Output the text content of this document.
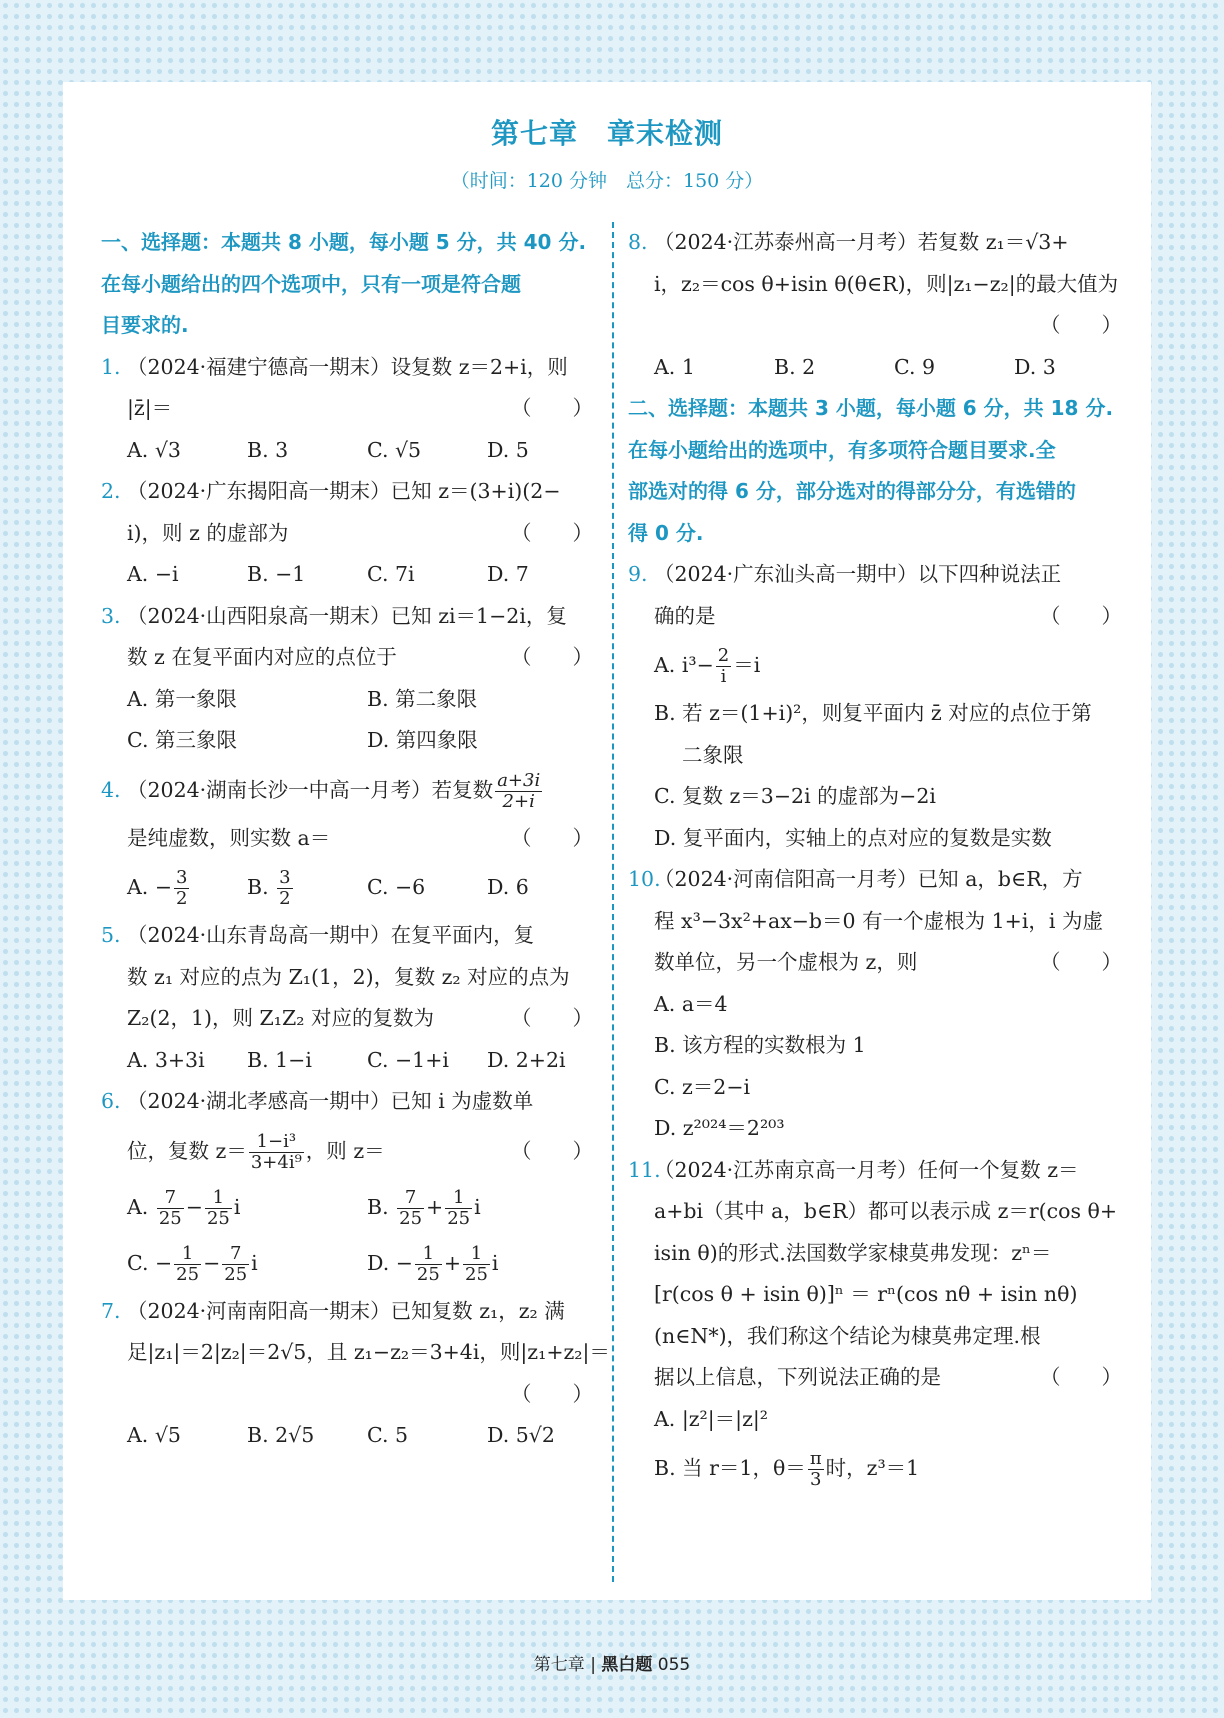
第七章　章末检测
（时间：120 分钟　总分：150 分）
一、选择题：本题共 8 小题，每小题 5 分，共 40 分.
在每小题给出的四个选项中，只有一项是符合题
目要求的.
1. （2024·福建宁德高一期末）设复数 z＝2+i，则
|z̄|＝	（　　）
A. √3	B. 3	C. √5	D. 5
2. （2024·广东揭阳高一期末）已知 z＝(3+i)(2−
i)，则 z 的虚部为	（　　）
A. −i	B. −1	C. 7i	D. 7
3. （2024·山西阳泉高一期末）已知 zi＝1−2i，复
数 z 在复平面内对应的点位于	（　　）
A. 第一象限	B. 第二象限
C. 第三象限	D. 第四象限
4. （2024·湖南长沙一中高一月考）若复数 $\frac{a+3i}{2+i}$
是纯虚数，则实数 a＝	（　　）
A. − $\frac{3}{2}$	B. $\frac{3}{2}$	C. −6	D. 6
5. （2024·山东青岛高一期中）在复平面内，复
数 z₁ 对应的点为 Z₁(1，2)，复数 z₂ 对应的点为
Z₂(2，1)，则 Z₁Z₂ 对应的复数为	（　　）
A. 3+3i B. 1−i	C. −1+i D. 2+2i
6. （2024·湖北孝感高一期中）已知 i 为虚数单
位，复数 $z= \frac{\text{1−i³}}{\text{3+4i⁹}}$ ，则 z＝	（　　）
A. $\frac{7}{25} - \frac{1}{25}$ i	B. $\frac{7}{25} + \frac{1}{25}$ i
C. − $\frac{1}{25} - \frac{7}{25}$ i	D. − $\frac{1}{25} + \frac{1}{25}$ i
7. （2024·河南南阳高一期末）已知复数 z₁，z₂ 满
足|z₁|＝2|z₂|＝2√5，且 z₁−z₂＝3+4i，则|z₁+z₂|＝
（　　）
A. √5	B. 2√5	C. 5	D. 5√2
8. （2024·江苏泰州高一月考）若复数 z₁＝√3+
i，z₂＝cos θ+isin θ(θ∈R)，则|z₁−z₂|的最大值为
（　　）
A. 1	B. 2	C. 9	D. 3
二、选择题：本题共 3 小题，每小题 6 分，共 18 分.
在每小题给出的选项中，有多项符合题目要求.全
部选对的得 6 分，部分选对的得部分分，有选错的
得 0 分.
9. （2024·广东汕头高一期中）以下四种说法正
确的是	（　　）
A. $i^3- \frac{2}{i} =i$
B. 若 z＝(1+i)²，则复平面内 z̄ 对应的点位于第
二象限
C. 复数 z＝3−2i 的虚部为−2i
D. 复平面内，实轴上的点对应的复数是实数
10.（2024·河南信阳高一月考）已知 a，b∈R，方
程 x³−3x²+ax−b＝0 有一个虚根为 1+i，i 为虚
数单位，另一个虚根为 z，则	（　　）
A. a＝4
B. 该方程的实数根为 1
C. z＝2−i
D. z²⁰²⁴＝2²⁰³
11.（2024·江苏南京高一月考）任何一个复数 z＝
a+bi（其中 a，b∈R）都可以表示成 z＝r(cos θ+
isin θ)的形式.法国数学家棣莫弗发现：zⁿ＝
[r(cos θ + isin θ)]ⁿ ＝ rⁿ(cos nθ + isin nθ)
(n∈N*)，我们称这个结论为棣莫弗定理.根
据以上信息，下列说法正确的是	（　　）
A. |z²|＝|z|²
B. 当 r＝1，$\theta= \frac{\pi}{3}$ 时，z³＝1
第七章 | 黑白题 055
